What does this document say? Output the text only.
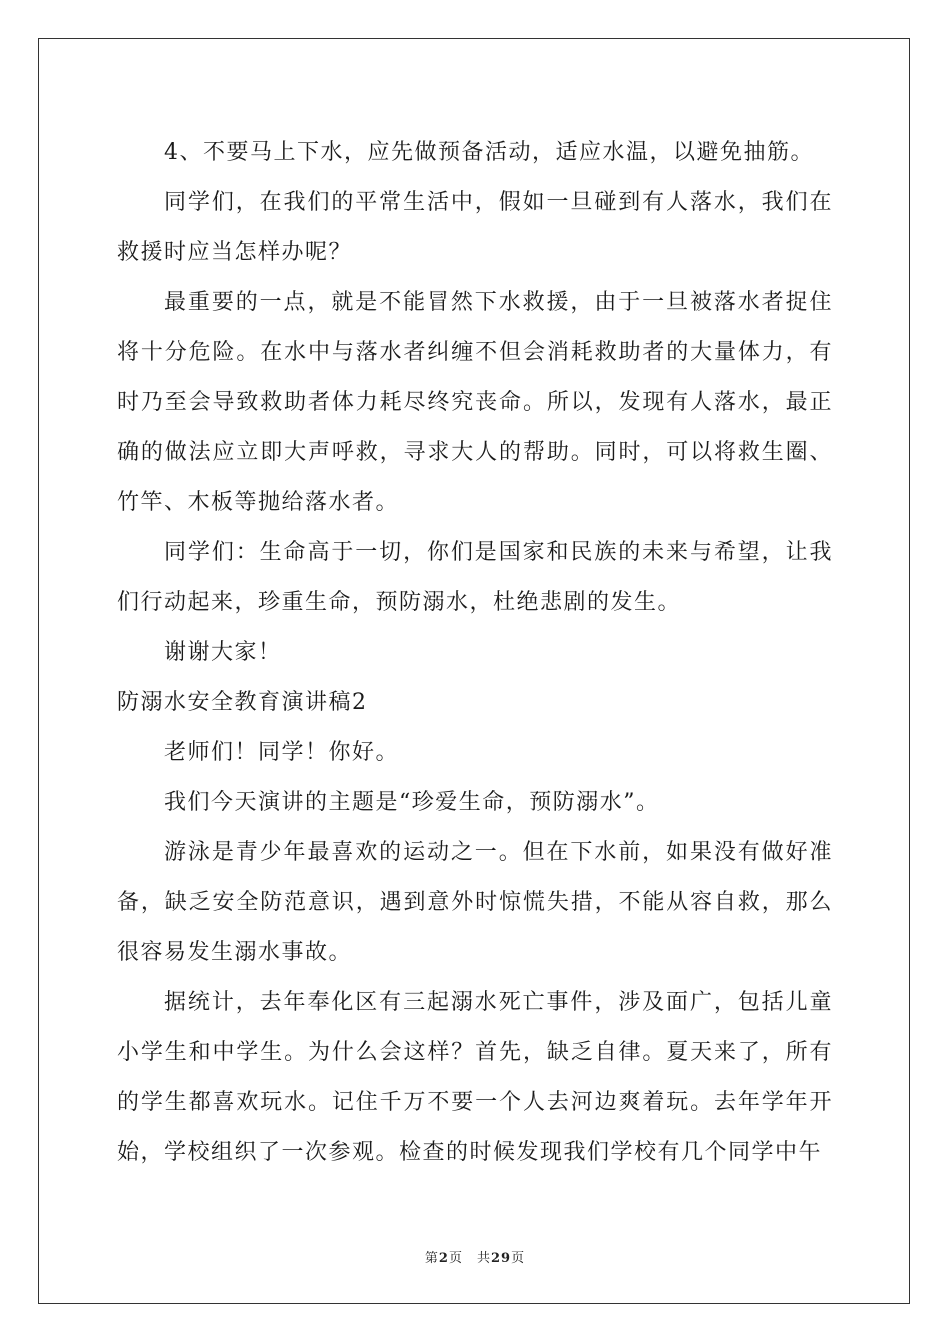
4、不要马上下水，应先做预备活动，适应水温，以避免抽筋。

同学们，在我们的平常生活中，假如一旦碰到有人落水，我们在救援时应当怎样办呢？

最重要的一点，就是不能冒然下水救援，由于一旦被落水者捉住将十分危险。在水中与落水者纠缠不但会消耗救助者的大量体力，有时乃至会导致救助者体力耗尽终究丧命。所以，发现有人落水，最正确的做法应立即大声呼救，寻求大人的帮助。同时，可以将救生圈、竹竿、木板等抛给落水者。

同学们：生命高于一切，你们是国家和民族的未来与希望，让我们行动起来，珍重生命，预防溺水，杜绝悲剧的发生。

谢谢大家！

防溺水安全教育演讲稿2

老师们！同学！你好。

我们今天演讲的主题是“珍爱生命，预防溺水”。

游泳是青少年最喜欢的运动之一。但在下水前，如果没有做好准备，缺乏安全防范意识，遇到意外时惊慌失措，不能从容自救，那么很容易发生溺水事故。

据统计，去年奉化区有三起溺水死亡事件，涉及面广，包括儿童小学生和中学生。为什么会这样？首先，缺乏自律。夏天来了，所有的学生都喜欢玩水。记住千万不要一个人去河边爽着玩。去年学年开始，学校组织了一次参观。检查的时候发现我们学校有几个同学中午

第2页 共29页
